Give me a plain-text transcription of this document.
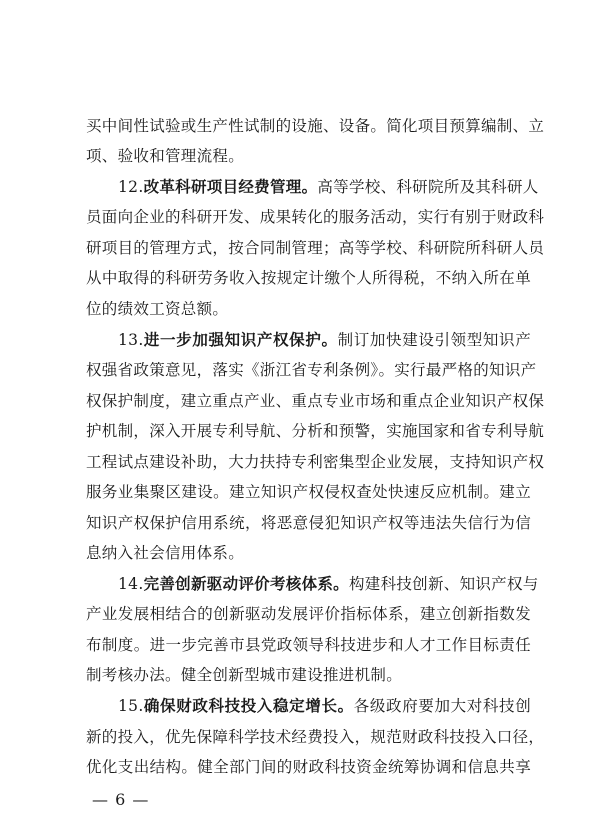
买中间性试验或生产性试制的设施、设备。简化项目预算编制、立
项、验收和管理流程。
12.改革科研项目经费管理。高等学校、科研院所及其科研人
员面向企业的科研开发、成果转化的服务活动，实行有别于财政科
研项目的管理方式，按合同制管理；高等学校、科研院所科研人员
从中取得的科研劳务收入按规定计缴个人所得税，不纳入所在单
位的绩效工资总额。
13.进一步加强知识产权保护。制订加快建设引领型知识产
权强省政策意见，落实《浙江省专利条例》。实行最严格的知识产
权保护制度，建立重点产业、重点专业市场和重点企业知识产权保
护机制，深入开展专利导航、分析和预警，实施国家和省专利导航
工程试点建设补助，大力扶持专利密集型企业发展，支持知识产权
服务业集聚区建设。建立知识产权侵权查处快速反应机制。建立
知识产权保护信用系统，将恶意侵犯知识产权等违法失信行为信
息纳入社会信用体系。
14.完善创新驱动评价考核体系。构建科技创新、知识产权与
产业发展相结合的创新驱动发展评价指标体系，建立创新指数发
布制度。进一步完善市县党政领导科技进步和人才工作目标责任
制考核办法。健全创新型城市建设推进机制。
15.确保财政科技投入稳定增长。各级政府要加大对科技创
新的投入，优先保障科学技术经费投入，规范财政科技投入口径，
优化支出结构。健全部门间的财政科技资金统筹协调和信息共享
— 6 —
